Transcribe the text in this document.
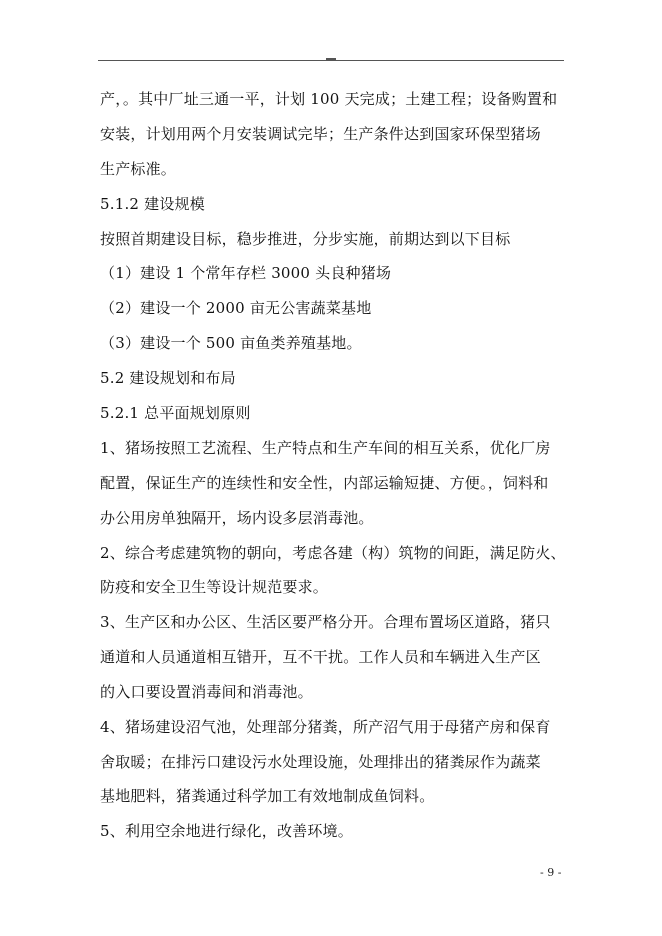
产，。其中厂址三通一平，计划 100 天完成；土建工程；设备购置和
安装，计划用两个月安装调试完毕；生产条件达到国家环保型猪场
生产标准。
5.1.2 建设规模
按照首期建设目标，稳步推进，分步实施，前期达到以下目标
（1）建设 1 个常年存栏 3000 头良种猪场
（2）建设一个 2000 亩无公害蔬菜基地
（3）建设一个 500 亩鱼类养殖基地。
5.2 建设规划和布局
5.2.1 总平面规划原则
1、猪场按照工艺流程、生产特点和生产车间的相互关系，优化厂房
配置，保证生产的连续性和安全性，内部运输短捷、方便。，饲料和
办公用房单独隔开，场内设多层消毒池。
2、综合考虑建筑物的朝向，考虑各建（构）筑物的间距，满足防火、
防疫和安全卫生等设计规范要求。
3、生产区和办公区、生活区要严格分开。合理布置场区道路，猪只
通道和人员通道相互错开，互不干扰。工作人员和车辆进入生产区
的入口要设置消毒间和消毒池。
4、猪场建设沼气池，处理部分猪粪，所产沼气用于母猪产房和保育
舍取暖；在排污口建设污水处理设施，处理排出的猪粪尿作为蔬菜
基地肥料，猪粪通过科学加工有效地制成鱼饲料。
5、利用空余地进行绿化，改善环境。
- 9 -
